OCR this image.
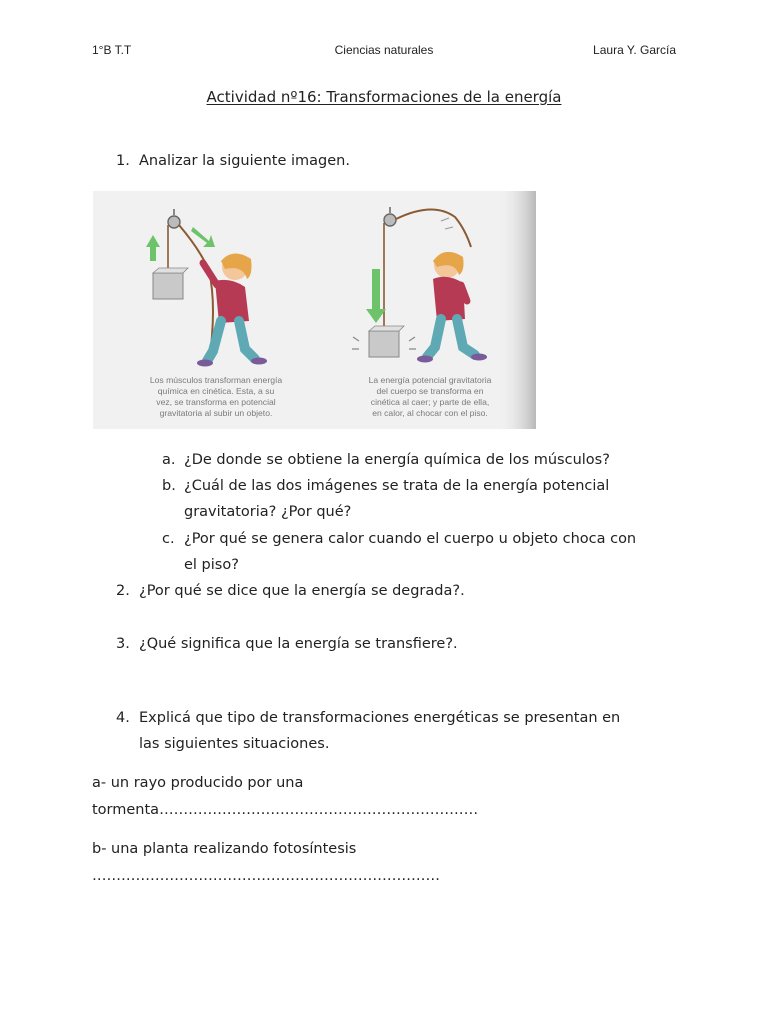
1°B T.T	Ciencias naturales	Laura Y. García
Actividad nº16: Transformaciones de la energía
1. Analizar la siguiente imagen.
Los músculos transforman energía
química en cinética. Esta, a su
vez, se transforma en potencial
gravitatoria al subir un objeto.
La energía potencial gravitatoria
del cuerpo se transforma en
cinética al caer; y parte de ella,
en calor, al chocar con el piso.
a. ¿De donde se obtiene la energía química de los músculos?
b. ¿Cuál de las dos imágenes se trata de la energía potencial
gravitatoria? ¿Por qué?
c. ¿Por qué se genera calor cuando el cuerpo u objeto choca con
el piso?
2. ¿Por qué se dice que la energía se degrada?.
3. ¿Qué significa que la energía se transfiere?.
4. Explicá que tipo de transformaciones energéticas se presentan en
las siguientes situaciones.
a- un rayo producido por una
tormenta…………………………………………………………
b- una planta realizando fotosíntesis
………………………………………………………………
